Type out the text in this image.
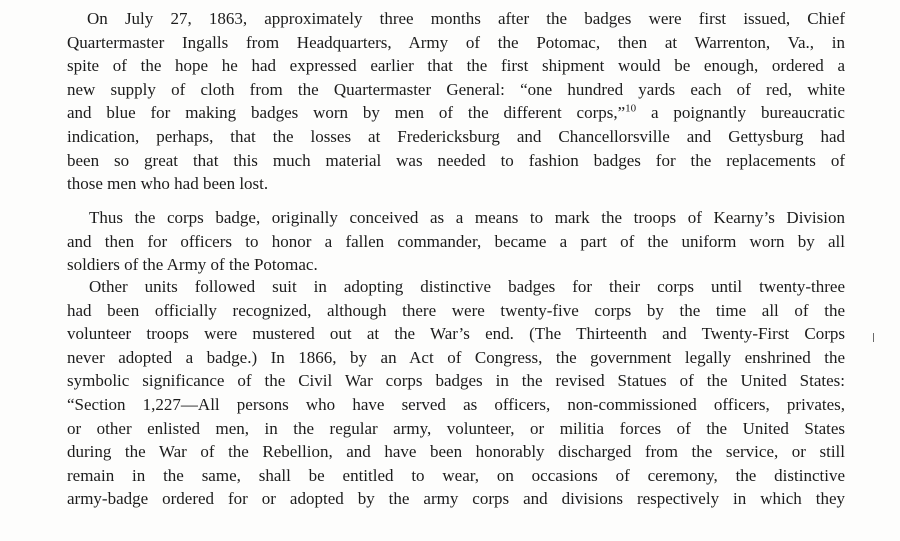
On July 27, 1863, approximately three months after the badges were first issued, Chief
Quartermaster Ingalls from Headquarters, Army of the Potomac, then at Warrenton, Va., in
spite of the hope he had expressed earlier that the first shipment would be enough, ordered a
new supply of cloth from the Quartermaster General: “one hundred yards each of red, white
and blue for making badges worn by men of the different corps,”$^{10}$ a poignantly bureaucratic
indication, perhaps, that the losses at Fredericksburg and Chancellorsville and Gettysburg had
been so great that this much material was needed to fashion badges for the replacements of
those men who had been lost.
Thus the corps badge, originally conceived as a means to mark the troops of Kearny’s Division
and then for officers to honor a fallen commander, became a part of the uniform worn by all
soldiers of the Army of the Potomac.
Other units followed suit in adopting distinctive badges for their corps until twenty-three
had been officially recognized, although there were twenty-five corps by the time all of the
volunteer troops were mustered out at the War’s end. (The Thirteenth and Twenty-First Corps
never adopted a badge.) In 1866, by an Act of Congress, the government legally enshrined the
symbolic significance of the Civil War corps badges in the revised Statues of the United States:
“Section 1,227—All persons who have served as officers, non-commissioned officers, privates,
or other enlisted men, in the regular army, volunteer, or militia forces of the United States
during the War of the Rebellion, and have been honorably discharged from the service, or still
remain in the same, shall be entitled to wear, on occasions of ceremony, the distinctive
army-badge ordered for or adopted by the army corps and divisions respectively in which they
